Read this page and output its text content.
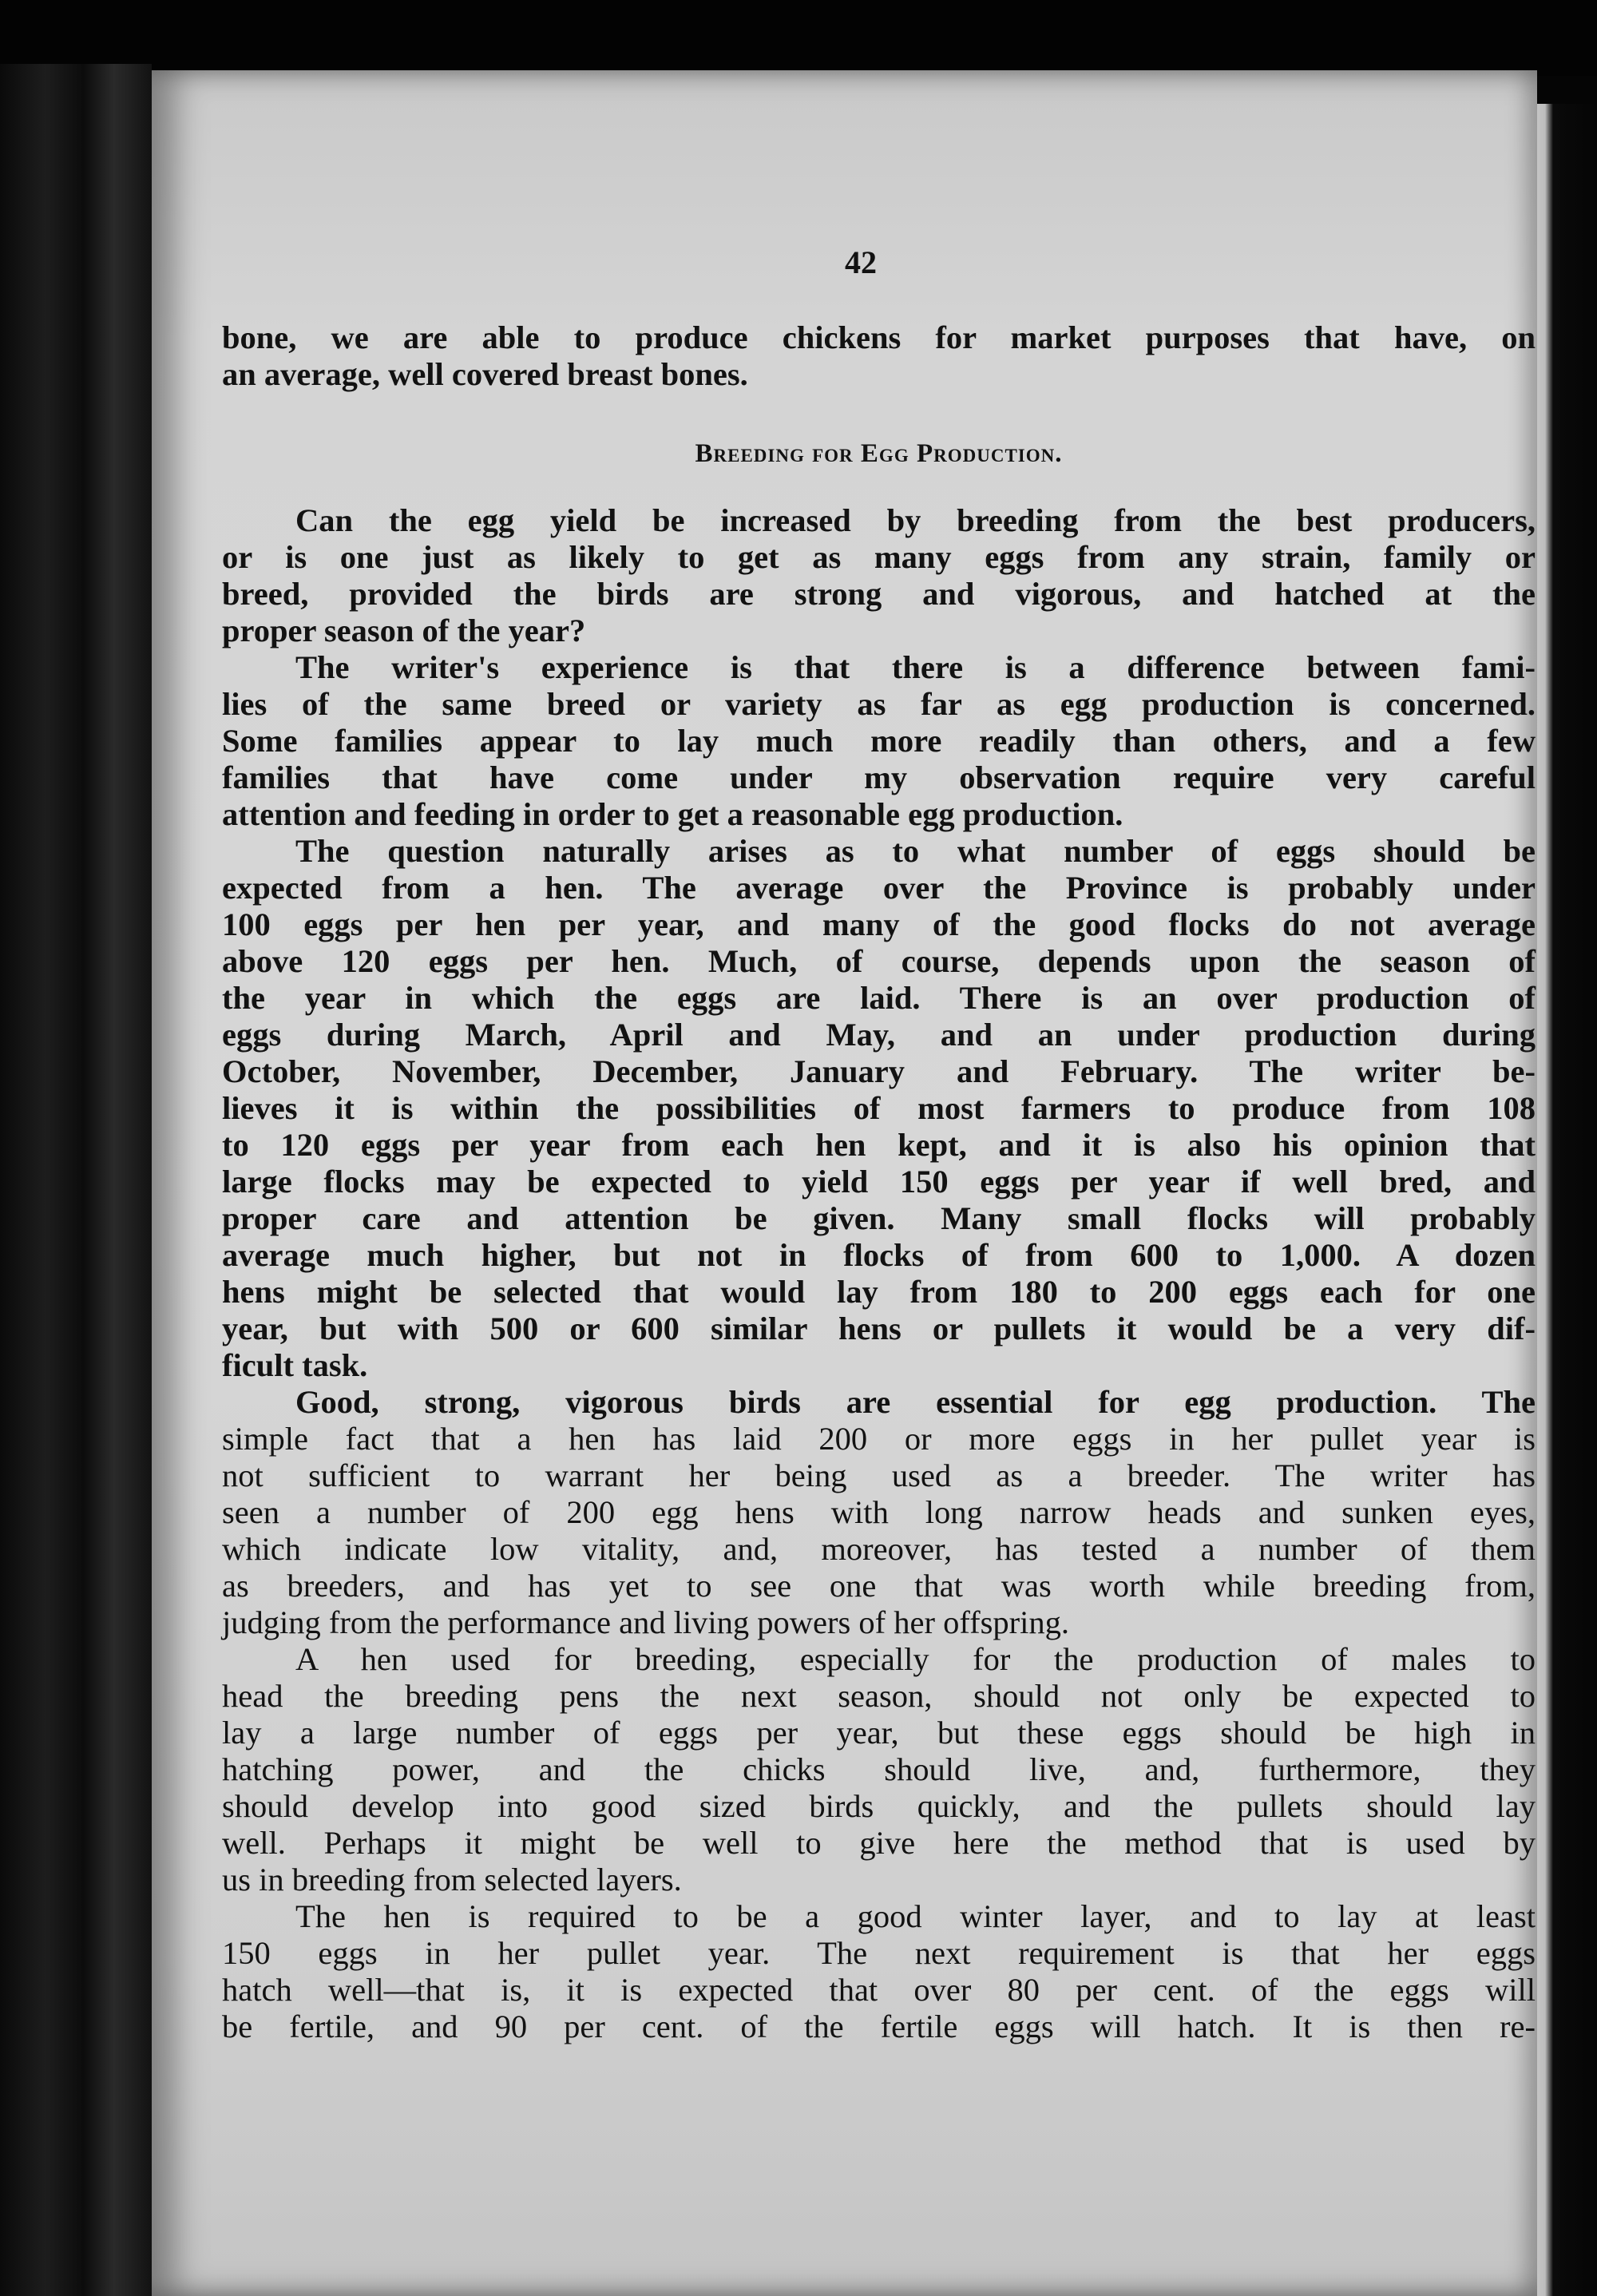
42
bone, we are able to produce chickens for market purposes that have, on
an average, well covered breast bones.
Breeding for Egg Production.
Can the egg yield be increased by breeding from the best producers,
or is one just as likely to get as many eggs from any strain, family or
breed, provided the birds are strong and vigorous, and hatched at the
proper season of the year?
The writer's experience is that there is a difference between fami-
lies of the same breed or variety as far as egg production is concerned.
Some families appear to lay much more readily than others, and a few
families that have come under my observation require very careful
attention and feeding in order to get a reasonable egg production.
The question naturally arises as to what number of eggs should be
expected from a hen. The average over the Province is probably under
100 eggs per hen per year, and many of the good flocks do not average
above 120 eggs per hen. Much, of course, depends upon the season of
the year in which the eggs are laid. There is an over production of
eggs during March, April and May, and an under production during
October, November, December, January and February. The writer be-
lieves it is within the possibilities of most farmers to produce from 108
to 120 eggs per year from each hen kept, and it is also his opinion that
large flocks may be expected to yield 150 eggs per year if well bred, and
proper care and attention be given. Many small flocks will probably
average much higher, but not in flocks of from 600 to 1,000. A dozen
hens might be selected that would lay from 180 to 200 eggs each for one
year, but with 500 or 600 similar hens or pullets it would be a very dif-
ficult task.
Good, strong, vigorous birds are essential for egg production. The
simple fact that a hen has laid 200 or more eggs in her pullet year is
not sufficient to warrant her being used as a breeder. The writer has
seen a number of 200 egg hens with long narrow heads and sunken eyes,
which indicate low vitality, and, moreover, has tested a number of them
as breeders, and has yet to see one that was worth while breeding from,
judging from the performance and living powers of her offspring.
A hen used for breeding, especially for the production of males to
head the breeding pens the next season, should not only be expected to
lay a large number of eggs per year, but these eggs should be high in
hatching power, and the chicks should live, and, furthermore, they
should develop into good sized birds quickly, and the pullets should lay
well. Perhaps it might be well to give here the method that is used by
us in breeding from selected layers.
The hen is required to be a good winter layer, and to lay at least
150 eggs in her pullet year. The next requirement is that her eggs
hatch well—that is, it is expected that over 80 per cent. of the eggs will
be fertile, and 90 per cent. of the fertile eggs will hatch. It is then re-
